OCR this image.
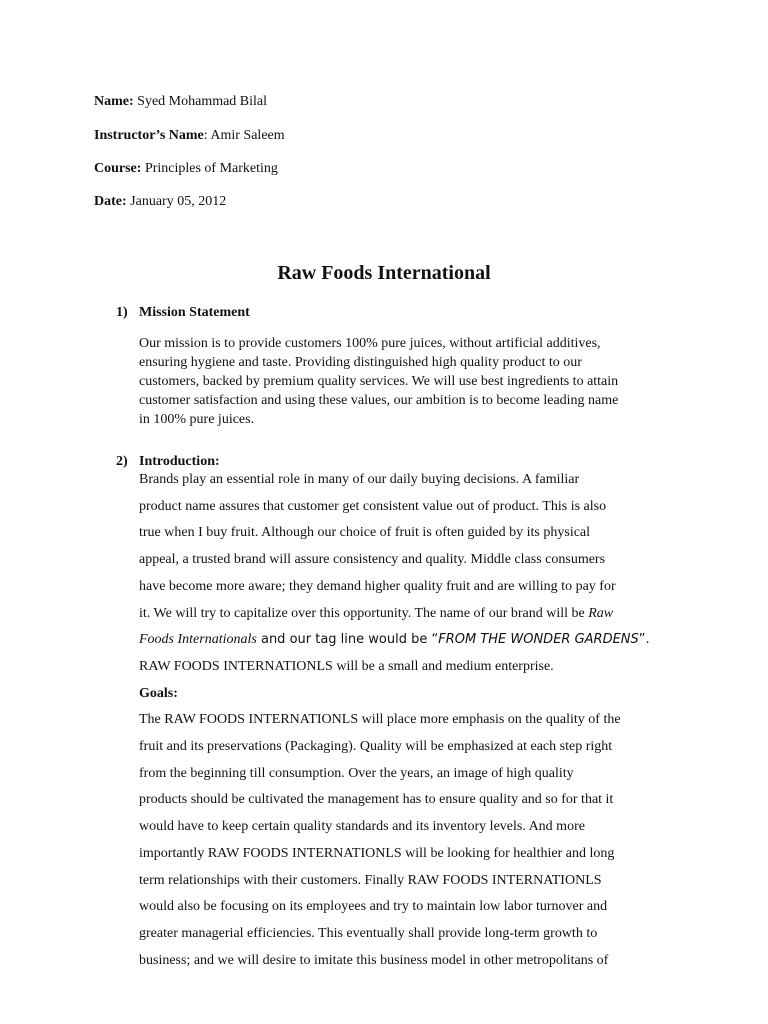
Name: Syed Mohammad Bilal
Instructor’s Name: Amir Saleem
Course: Principles of Marketing
Date: January 05, 2012
Raw Foods International
1) Mission Statement
Our mission is to provide customers 100% pure juices, without artificial additives,
ensuring hygiene and taste. Providing distinguished high quality product to our
customers, backed by premium quality services. We will use best ingredients to attain
customer satisfaction and using these values, our ambition is to become leading name
in 100% pure juices.
2) Introduction:
Brands play an essential role in many of our daily buying decisions. A familiar
product name assures that customer get consistent value out of product. This is also
true when I buy fruit. Although our choice of fruit is often guided by its physical
appeal, a trusted brand will assure consistency and quality. Middle class consumers
have become more aware; they demand higher quality fruit and are willing to pay for
it. We will try to capitalize over this opportunity. The name of our brand will be Raw
Foods Internationals and our tag line would be “FROM THE WONDER GARDENS”.
RAW FOODS INTERNATIONLS will be a small and medium enterprise.
Goals:
The RAW FOODS INTERNATIONLS will place more emphasis on the quality of the
fruit and its preservations (Packaging). Quality will be emphasized at each step right
from the beginning till consumption. Over the years, an image of high quality
products should be cultivated the management has to ensure quality and so for that it
would have to keep certain quality standards and its inventory levels. And more
importantly RAW FOODS INTERNATIONLS will be looking for healthier and long
term relationships with their customers. Finally RAW FOODS INTERNATIONLS
would also be focusing on its employees and try to maintain low labor turnover and
greater managerial efficiencies. This eventually shall provide long-term growth to
business; and we will desire to imitate this business model in other metropolitans of
